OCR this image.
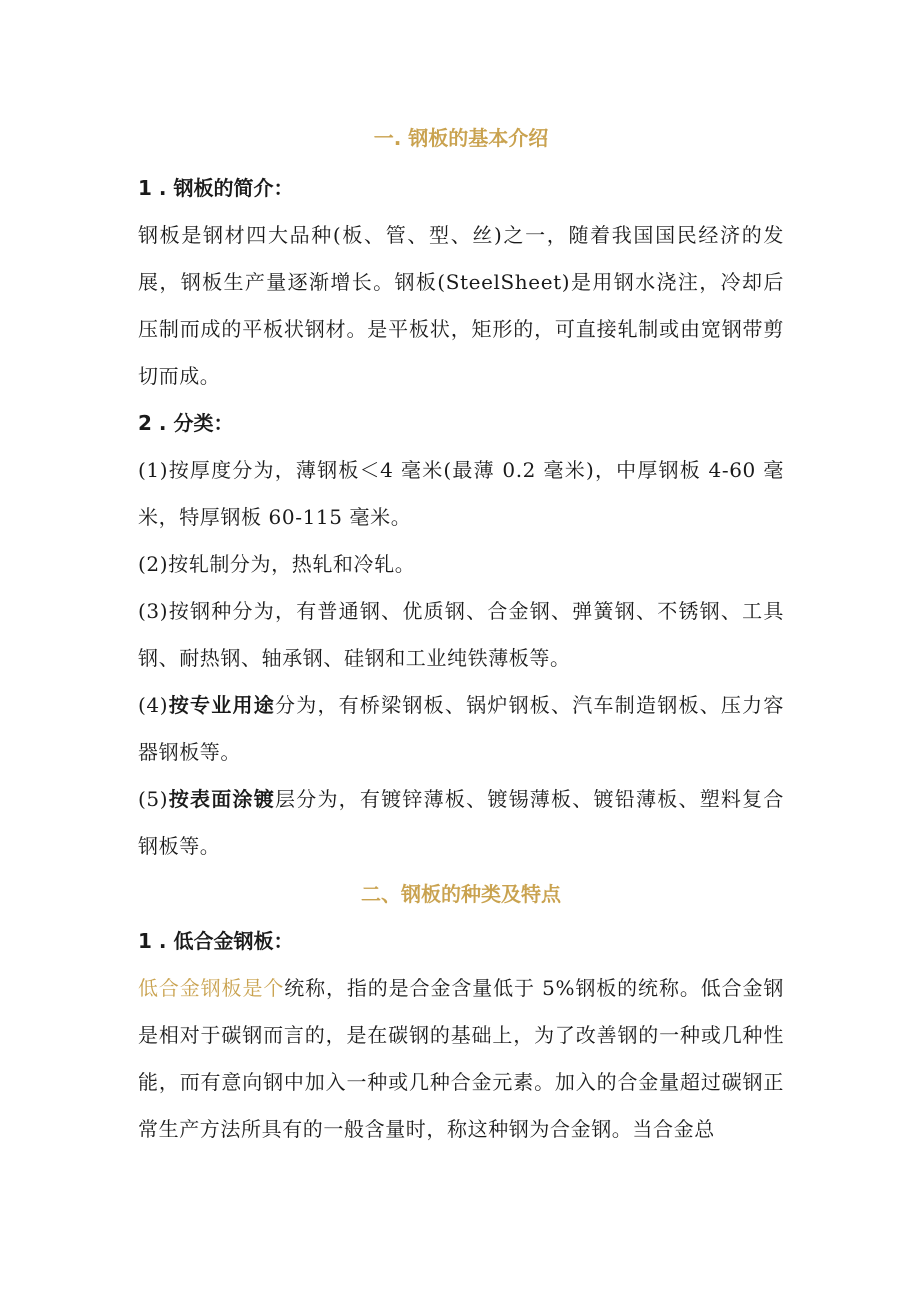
一. 钢板的基本介绍

1 . 钢板的简介：

钢板是钢材四大品种(板、管、型、丝)之一，随着我国国民经济的发展，钢板生产量逐渐增长。钢板(SteelSheet)是用钢水浇注，冷却后压制而成的平板状钢材。是平板状，矩形的，可直接轧制或由宽钢带剪切而成。

2 . 分类：

(1)按厚度分为，薄钢板＜4 毫米(最薄 0.2 毫米)，中厚钢板 4-60 毫米，特厚钢板 60-115 毫米。

(2)按轧制分为，热轧和冷轧。

(3)按钢种分为，有普通钢、优质钢、合金钢、弹簧钢、不锈钢、工具钢、耐热钢、轴承钢、硅钢和工业纯铁薄板等。

(4)按专业用途分为，有桥梁钢板、锅炉钢板、汽车制造钢板、压力容器钢板等。

(5)按表面涂镀层分为，有镀锌薄板、镀锡薄板、镀铅薄板、塑料复合钢板等。

二、钢板的种类及特点

1 . 低合金钢板：

低合金钢板是个统称，指的是合金含量低于 5%钢板的统称。低合金钢是相对于碳钢而言的，是在碳钢的基础上，为了改善钢的一种或几种性能，而有意向钢中加入一种或几种合金元素。加入的合金量超过碳钢正常生产方法所具有的一般含量时，称这种钢为合金钢。当合金总
